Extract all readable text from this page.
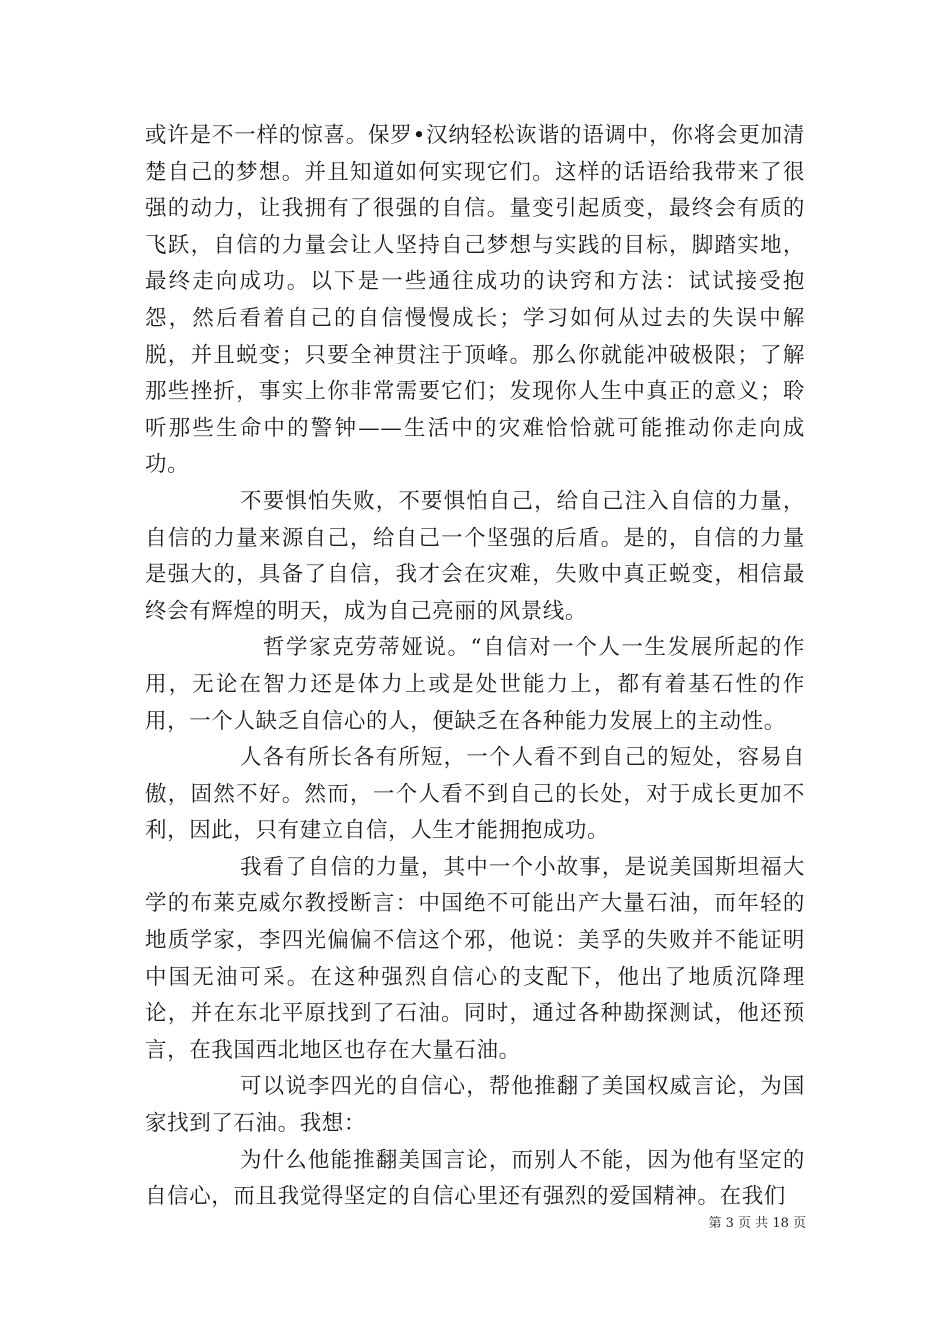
或许是不一样的惊喜。保罗•汉纳轻松诙谐的语调中，你将会更加清楚自己的梦想。并且知道如何实现它们。这样的话语给我带来了很强的动力，让我拥有了很强的自信。量变引起质变，最终会有质的飞跃，自信的力量会让人坚持自己梦想与实践的目标，脚踏实地，最终走向成功。以下是一些通往成功的诀窍和方法：试试接受抱怨，然后看着自己的自信慢慢成长；学习如何从过去的失误中解脱，并且蜕变；只要全神贯注于顶峰。那么你就能冲破极限；了解那些挫折，事实上你非常需要它们；发现你人生中真正的意义；聆听那些生命中的警钟——生活中的灾难恰恰就可能推动你走向成功。

不要惧怕失败，不要惧怕自己，给自己注入自信的力量，自信的力量来源自己，给自己一个坚强的后盾。是的，自信的力量是强大的，具备了自信，我才会在灾难，失败中真正蜕变，相信最终会有辉煌的明天，成为自己亮丽的风景线。

哲学家克劳蒂娅说。“自信对一个人一生发展所起的作用，无论在智力还是体力上或是处世能力上，都有着基石性的作用，一个人缺乏自信心的人，便缺乏在各种能力发展上的主动性。

人各有所长各有所短，一个人看不到自己的短处，容易自傲，固然不好。然而，一个人看不到自己的长处，对于成长更加不利，因此，只有建立自信，人生才能拥抱成功。

我看了自信的力量，其中一个小故事，是说美国斯坦福大学的布莱克威尔教授断言：中国绝不可能出产大量石油，而年轻的地质学家，李四光偏偏不信这个邪，他说：美孚的失败并不能证明中国无油可采。在这种强烈自信心的支配下，他出了地质沉降理论，并在东北平原找到了石油。同时，通过各种勘探测试，他还预言，在我国西北地区也存在大量石油。

可以说李四光的自信心，帮他推翻了美国权威言论，为国家找到了石油。我想：

为什么他能推翻美国言论，而别人不能，因为他有坚定的自信心，而且我觉得坚定的自信心里还有强烈的爱国精神。在我们

第 3 页 共 18 页
